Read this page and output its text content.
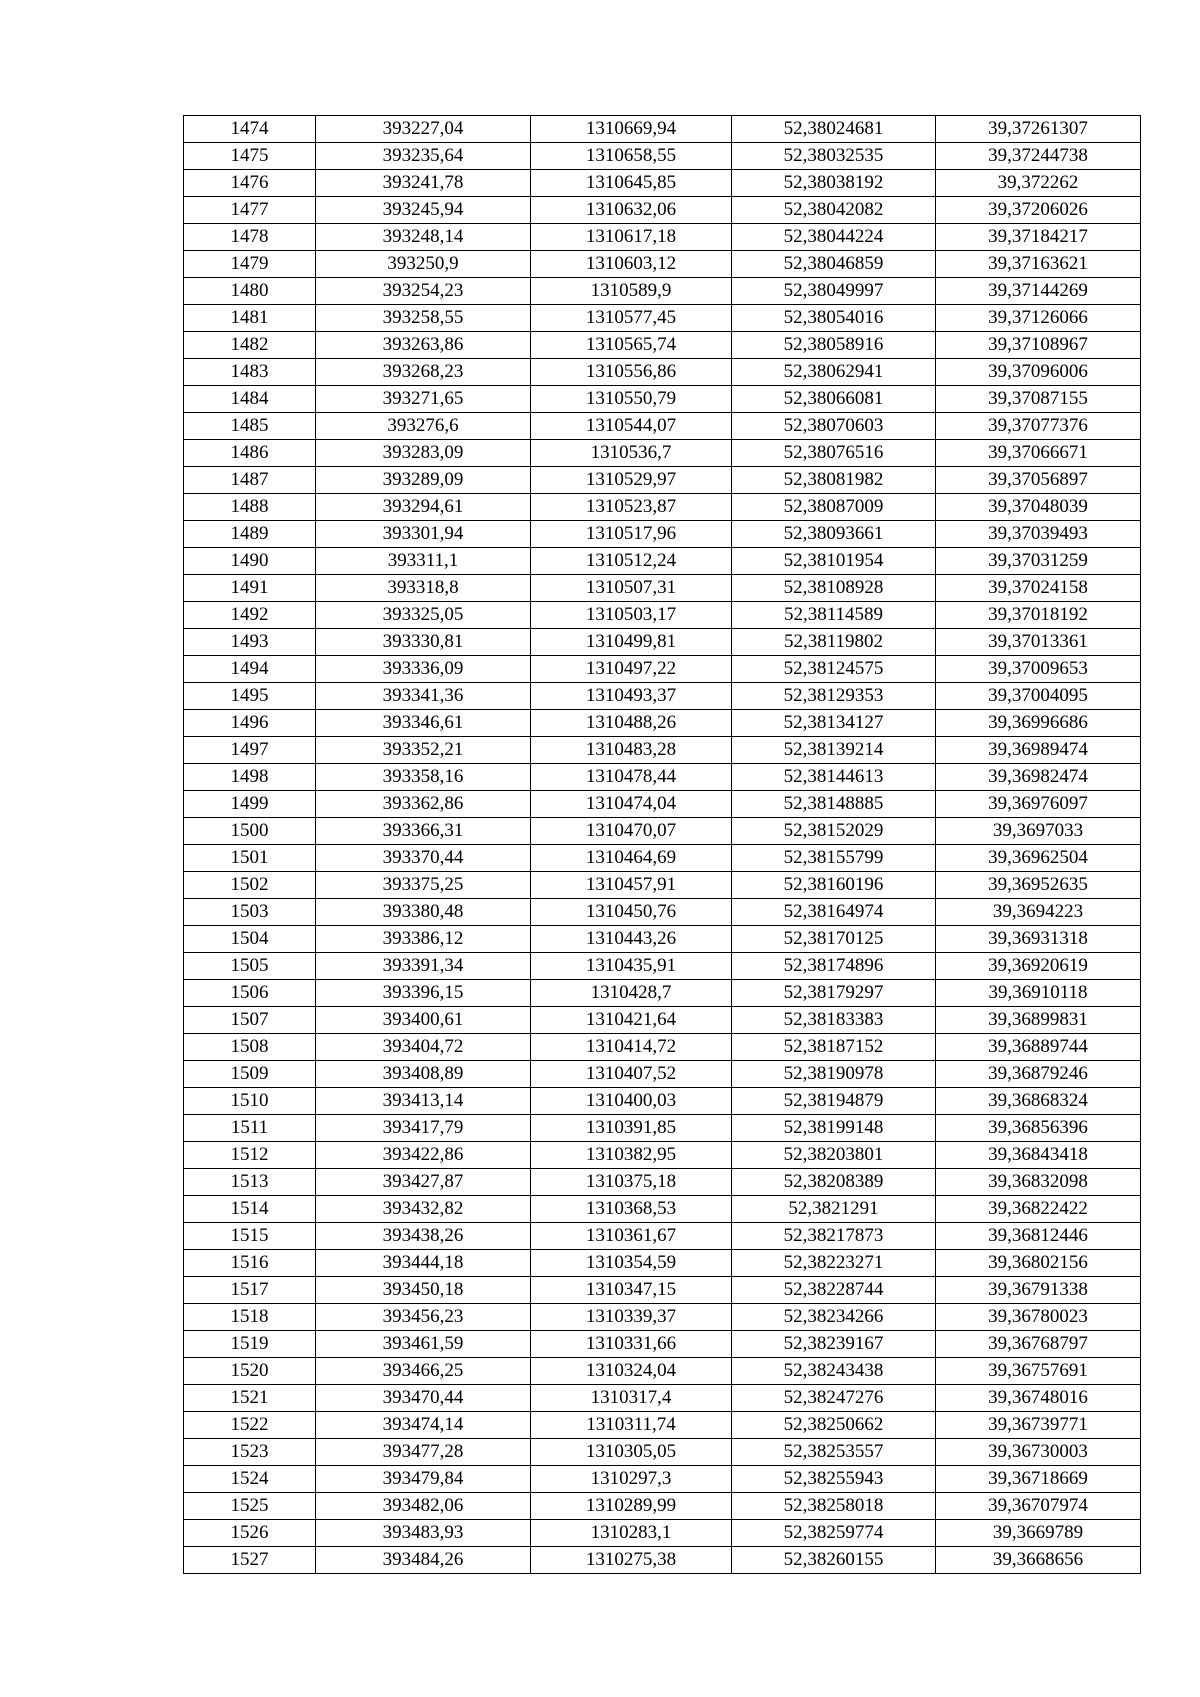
1474	393227,04	1310669,94	52,38024681	39,37261307
1475	393235,64	1310658,55	52,38032535	39,37244738
1476	393241,78	1310645,85	52,38038192	39,372262
1477	393245,94	1310632,06	52,38042082	39,37206026
1478	393248,14	1310617,18	52,38044224	39,37184217
1479	393250,9	1310603,12	52,38046859	39,37163621
1480	393254,23	1310589,9	52,38049997	39,37144269
1481	393258,55	1310577,45	52,38054016	39,37126066
1482	393263,86	1310565,74	52,38058916	39,37108967
1483	393268,23	1310556,86	52,38062941	39,37096006
1484	393271,65	1310550,79	52,38066081	39,37087155
1485	393276,6	1310544,07	52,38070603	39,37077376
1486	393283,09	1310536,7	52,38076516	39,37066671
1487	393289,09	1310529,97	52,38081982	39,37056897
1488	393294,61	1310523,87	52,38087009	39,37048039
1489	393301,94	1310517,96	52,38093661	39,37039493
1490	393311,1	1310512,24	52,38101954	39,37031259
1491	393318,8	1310507,31	52,38108928	39,37024158
1492	393325,05	1310503,17	52,38114589	39,37018192
1493	393330,81	1310499,81	52,38119802	39,37013361
1494	393336,09	1310497,22	52,38124575	39,37009653
1495	393341,36	1310493,37	52,38129353	39,37004095
1496	393346,61	1310488,26	52,38134127	39,36996686
1497	393352,21	1310483,28	52,38139214	39,36989474
1498	393358,16	1310478,44	52,38144613	39,36982474
1499	393362,86	1310474,04	52,38148885	39,36976097
1500	393366,31	1310470,07	52,38152029	39,3697033
1501	393370,44	1310464,69	52,38155799	39,36962504
1502	393375,25	1310457,91	52,38160196	39,36952635
1503	393380,48	1310450,76	52,38164974	39,3694223
1504	393386,12	1310443,26	52,38170125	39,36931318
1505	393391,34	1310435,91	52,38174896	39,36920619
1506	393396,15	1310428,7	52,38179297	39,36910118
1507	393400,61	1310421,64	52,38183383	39,36899831
1508	393404,72	1310414,72	52,38187152	39,36889744
1509	393408,89	1310407,52	52,38190978	39,36879246
1510	393413,14	1310400,03	52,38194879	39,36868324
1511	393417,79	1310391,85	52,38199148	39,36856396
1512	393422,86	1310382,95	52,38203801	39,36843418
1513	393427,87	1310375,18	52,38208389	39,36832098
1514	393432,82	1310368,53	52,3821291	39,36822422
1515	393438,26	1310361,67	52,38217873	39,36812446
1516	393444,18	1310354,59	52,38223271	39,36802156
1517	393450,18	1310347,15	52,38228744	39,36791338
1518	393456,23	1310339,37	52,38234266	39,36780023
1519	393461,59	1310331,66	52,38239167	39,36768797
1520	393466,25	1310324,04	52,38243438	39,36757691
1521	393470,44	1310317,4	52,38247276	39,36748016
1522	393474,14	1310311,74	52,38250662	39,36739771
1523	393477,28	1310305,05	52,38253557	39,36730003
1524	393479,84	1310297,3	52,38255943	39,36718669
1525	393482,06	1310289,99	52,38258018	39,36707974
1526	393483,93	1310283,1	52,38259774	39,3669789
1527	393484,26	1310275,38	52,38260155	39,3668656
